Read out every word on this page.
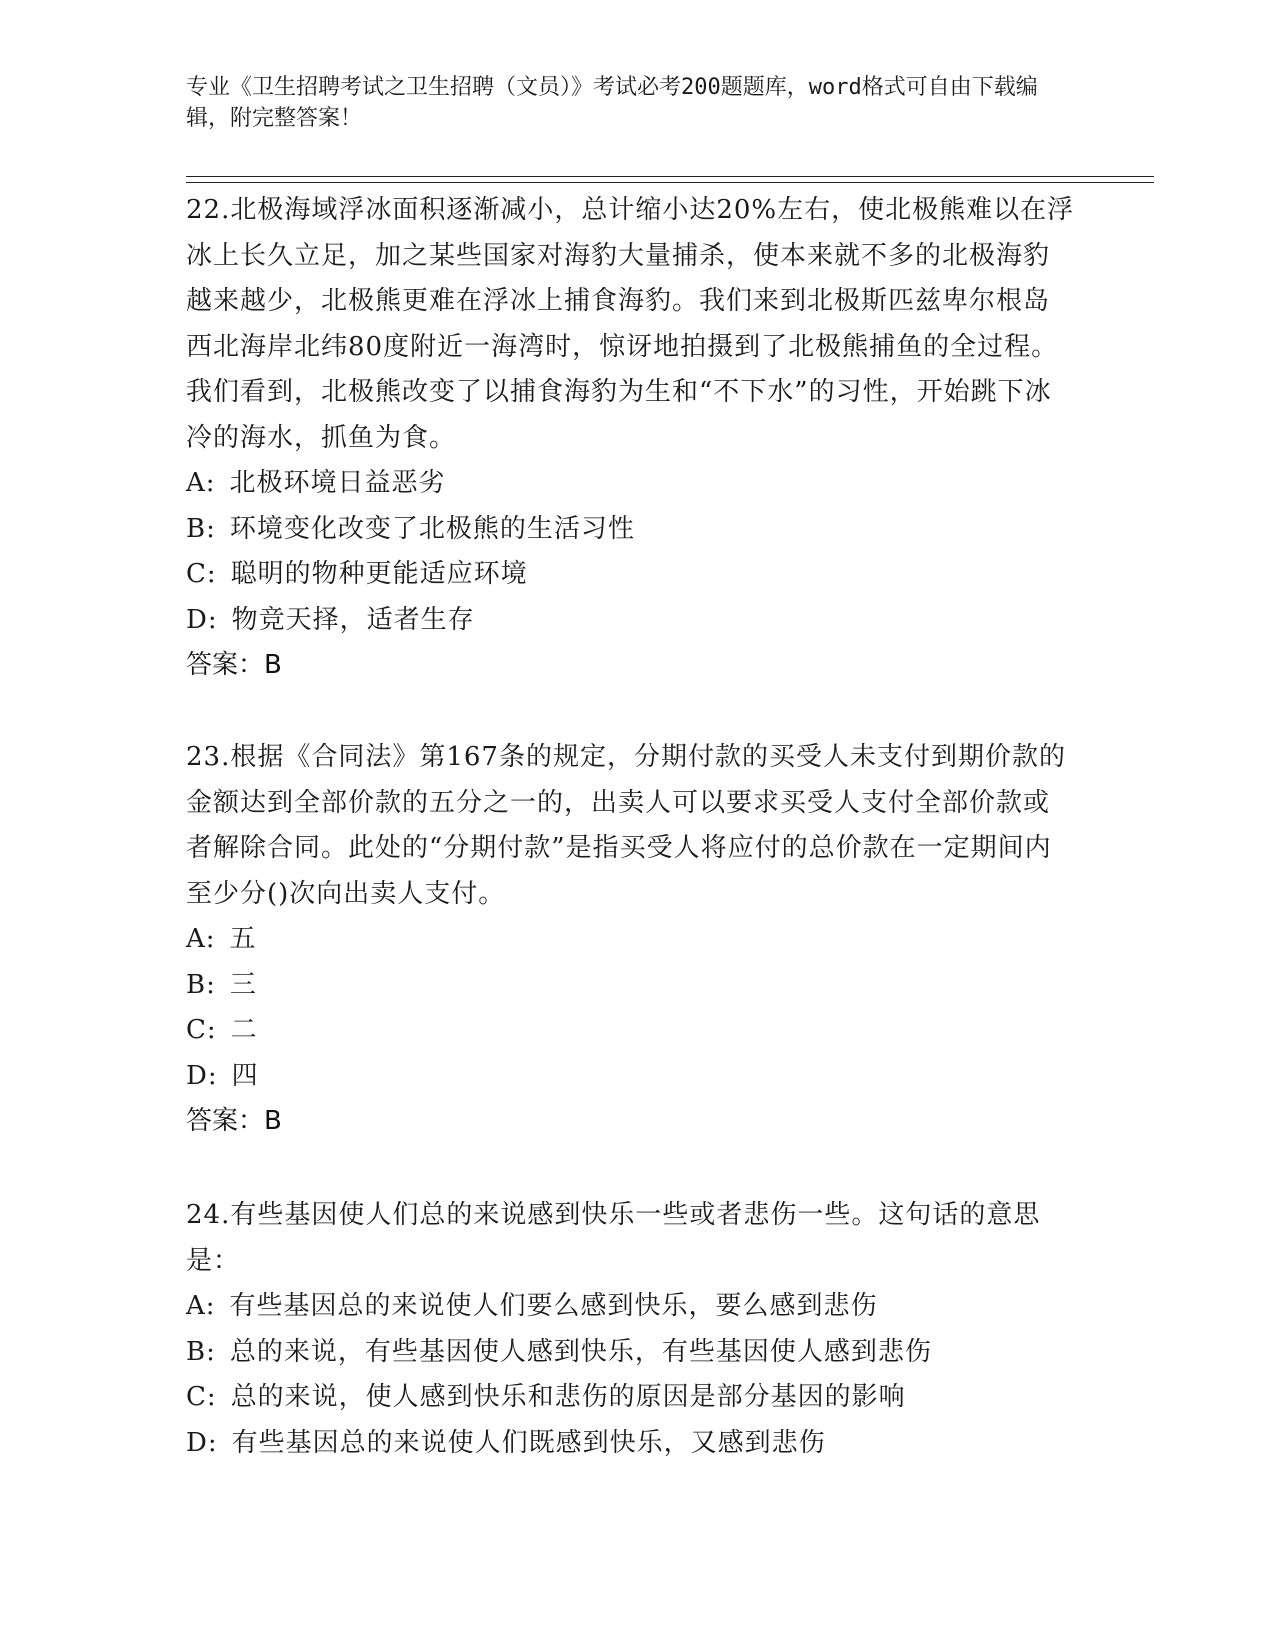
专业《卫生招聘考试之卫生招聘（文员）》考试必考200题题库，word格式可自由下载编辑，附完整答案！

22.北极海域浮冰面积逐渐减小，总计缩小达20%左右，使北极熊难以在浮冰上长久立足，加之某些国家对海豹大量捕杀，使本来就不多的北极海豹越来越少，北极熊更难在浮冰上捕食海豹。我们来到北极斯匹兹卑尔根岛西北海岸北纬80度附近一海湾时，惊讶地拍摄到了北极熊捕鱼的全过程。我们看到，北极熊改变了以捕食海豹为生和“不下水”的习性，开始跳下冰冷的海水，抓鱼为食。

A: 北极环境日益恶劣
B: 环境变化改变了北极熊的生活习性
C: 聪明的物种更能适应环境
D: 物竞天择，适者生存
答案：B

23.根据《合同法》第167条的规定，分期付款的买受人未支付到期价款的金额达到全部价款的五分之一的，出卖人可以要求买受人支付全部价款或者解除合同。此处的“分期付款”是指买受人将应付的总价款在一定期间内至少分()次向出卖人支付。

A: 五
B: 三
C: 二
D: 四
答案：B

24.有些基因使人们总的来说感到快乐一些或者悲伤一些。这句话的意思是：

A: 有些基因总的来说使人们要么感到快乐，要么感到悲伤
B: 总的来说，有些基因使人感到快乐，有些基因使人感到悲伤
C: 总的来说，使人感到快乐和悲伤的原因是部分基因的影响
D: 有些基因总的来说使人们既感到快乐，又感到悲伤
